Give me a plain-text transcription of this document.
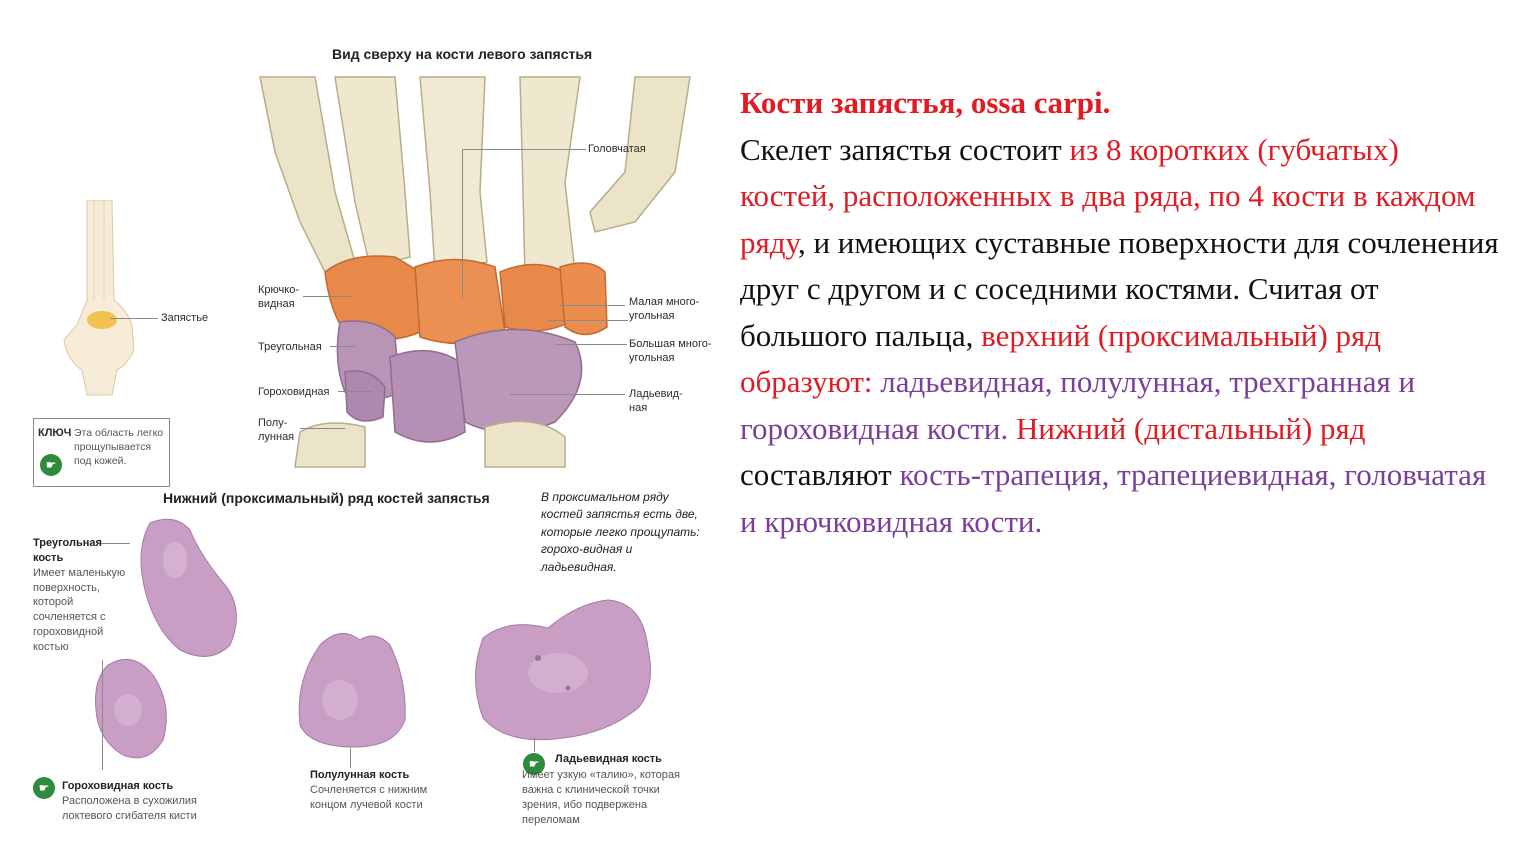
Вид сверху на кости левого запястья
Головчатая
Крючко-видная
Треугольная
Гороховидная
Полу-лунная
Малая много-угольная
Большая много-угольная
Ладьевид-ная
Запястье
КЛЮЧ
☛
Эта область легко прощупывается под кожей.
Нижний (проксимальный) ряд костей запястья	В проксимальном ряду костей запястья есть две, которые легко прощупать: горохо-видная и ладьевидная.
Треугольная кость
Имеет маленькую поверхность, которой сочленяется с гороховидной костью
☛	Гороховидная кость
Расположена в сухожилия локтевого сгибателя кисти
Полулунная кость
Сочленяется с нижним концом лучевой кости
☛	Ладьевидная кость
Имеет узкую «талию», которая важна с клинической точки зрения, ибо подвержена переломам
Кости запястья, ossa carpi.
Скелет запястья состоит из 8 коротких (губчатых) костей, расположенных в два ряда, по 4 кости в каждом ряду, и имеющих суставные поверхности для сочленения друг с другом и с соседними костями. Считая от большого пальца, верхний (проксимальный) ряд образуют: ладьевидная, полулунная, трехгранная и гороховидная кости. Нижний (дистальный) ряд составляют кость-трапеция, трапециевидная, головчатая и крючковидная кости.
